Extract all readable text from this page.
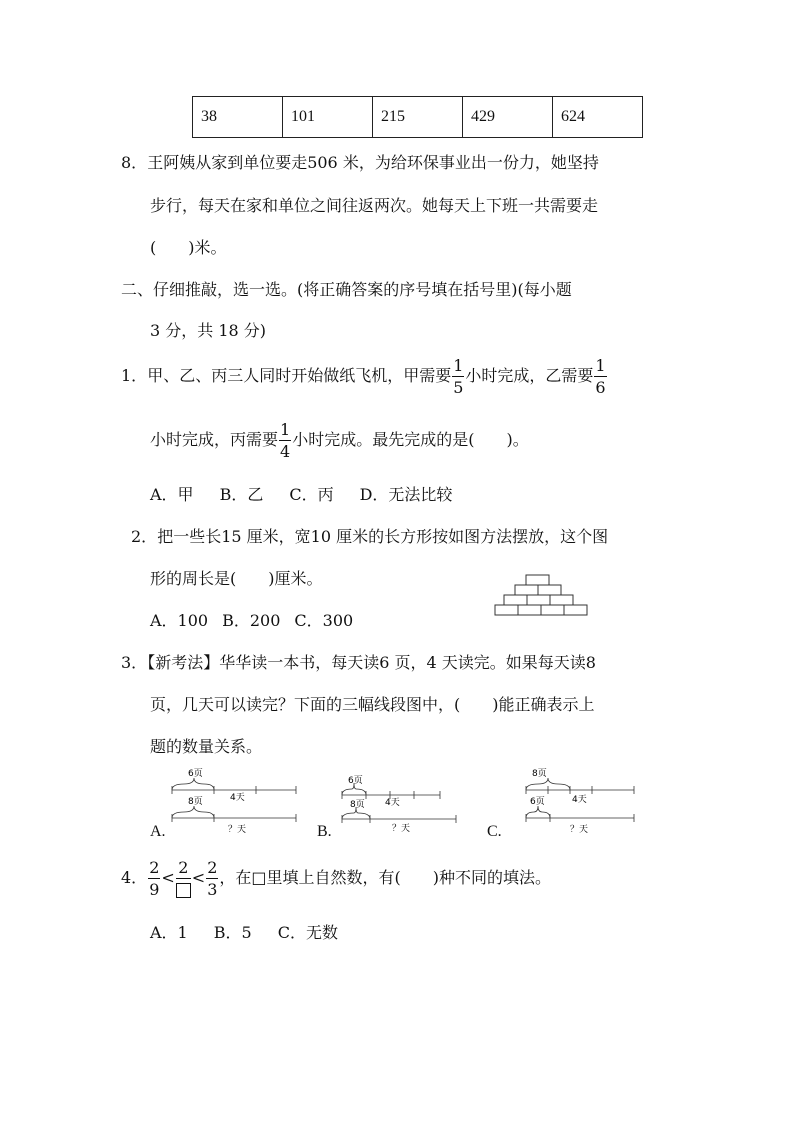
38	101	215	429	624
8．王阿姨从家到单位要走506 米，为给环保事业出一份力，她坚持
步行，每天在家和单位之间往返两次。她每天上下班一共需要走
(　　)米。
二、仔细推敲，选一选。(将正确答案的序号填在括号里)(每小题
3 分，共 18 分)
1．甲、乙、丙三人同时开始做纸飞机，甲需要 $\frac{1}{5}$ 小时完成，乙需要 $\frac{1}{6}$
小时完成，丙需要 $\frac{1}{4}$ 小时完成。最先完成的是(　　)。
A．甲 B．乙 C．丙 D．无法比较
2．把一些长15 厘米，宽10 厘米的长方形按如图方法摆放，这个图
形的周长是(　　)厘米。
A．100 B．200 C．300
3．【新考法】华华读一本书，每天读6 页，4 天读完。如果每天读8
页，几天可以读完？下面的三幅线段图中，(　　)能正确表示上
题的数量关系。
A.
6页
4天
8页
？天	B.
6页
4天
8页
？天	C.
8页
4天
6页
？天
4． $\frac{2}{9}$ <
2
< $\frac{2}{3}$ ，在□里填上自然数，有(　　)种不同的填法。
A．1 B．5 C．无数
